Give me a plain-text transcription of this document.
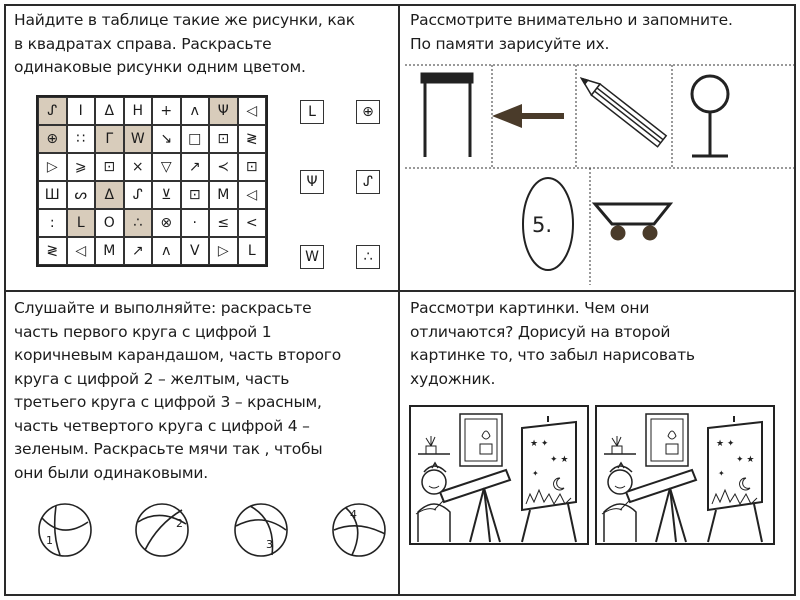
Найдите в таблице такие же рисунки, как
в квадратах справа. Раскрасьте
одинаковые рисунки одним цветом.

ᔑ	I	Δ	H	+	ʌ	Ψ	◁
⊕	∷	ᒥ	W	↘	□	⊡	≷
▷	⩾	⊡	×	▽	↗	≺	⊡
Ш	ᔕ	Δ	ᔑ	⊻	⊡	M	◁
:	L	O	∴	⊗	·	≤	<
≷	◁	M	↗	ʌ	V	▷	L
ᒪ	⊕
Ψ	ᔑ
W	∴

Рассмотрите внимательно и запомните.
По памяти зарисуйте их.

5.

Слушайте и выполняйте: раскрасьте
часть первого круга с цифрой 1
коричневым карандашом, часть второго
круга с цифрой 2 – желтым, часть
третьего круга с цифрой 3 – красным,
часть четвертого круга с цифрой 4 –
зеленым. Раскрасьте мячи так , чтобы
они были одинаковыми.

1
2
3
4

Рассмотри картинки. Чем они
отличаются? Дорисуй на второй
картинке то, что забыл нарисовать
художник.
